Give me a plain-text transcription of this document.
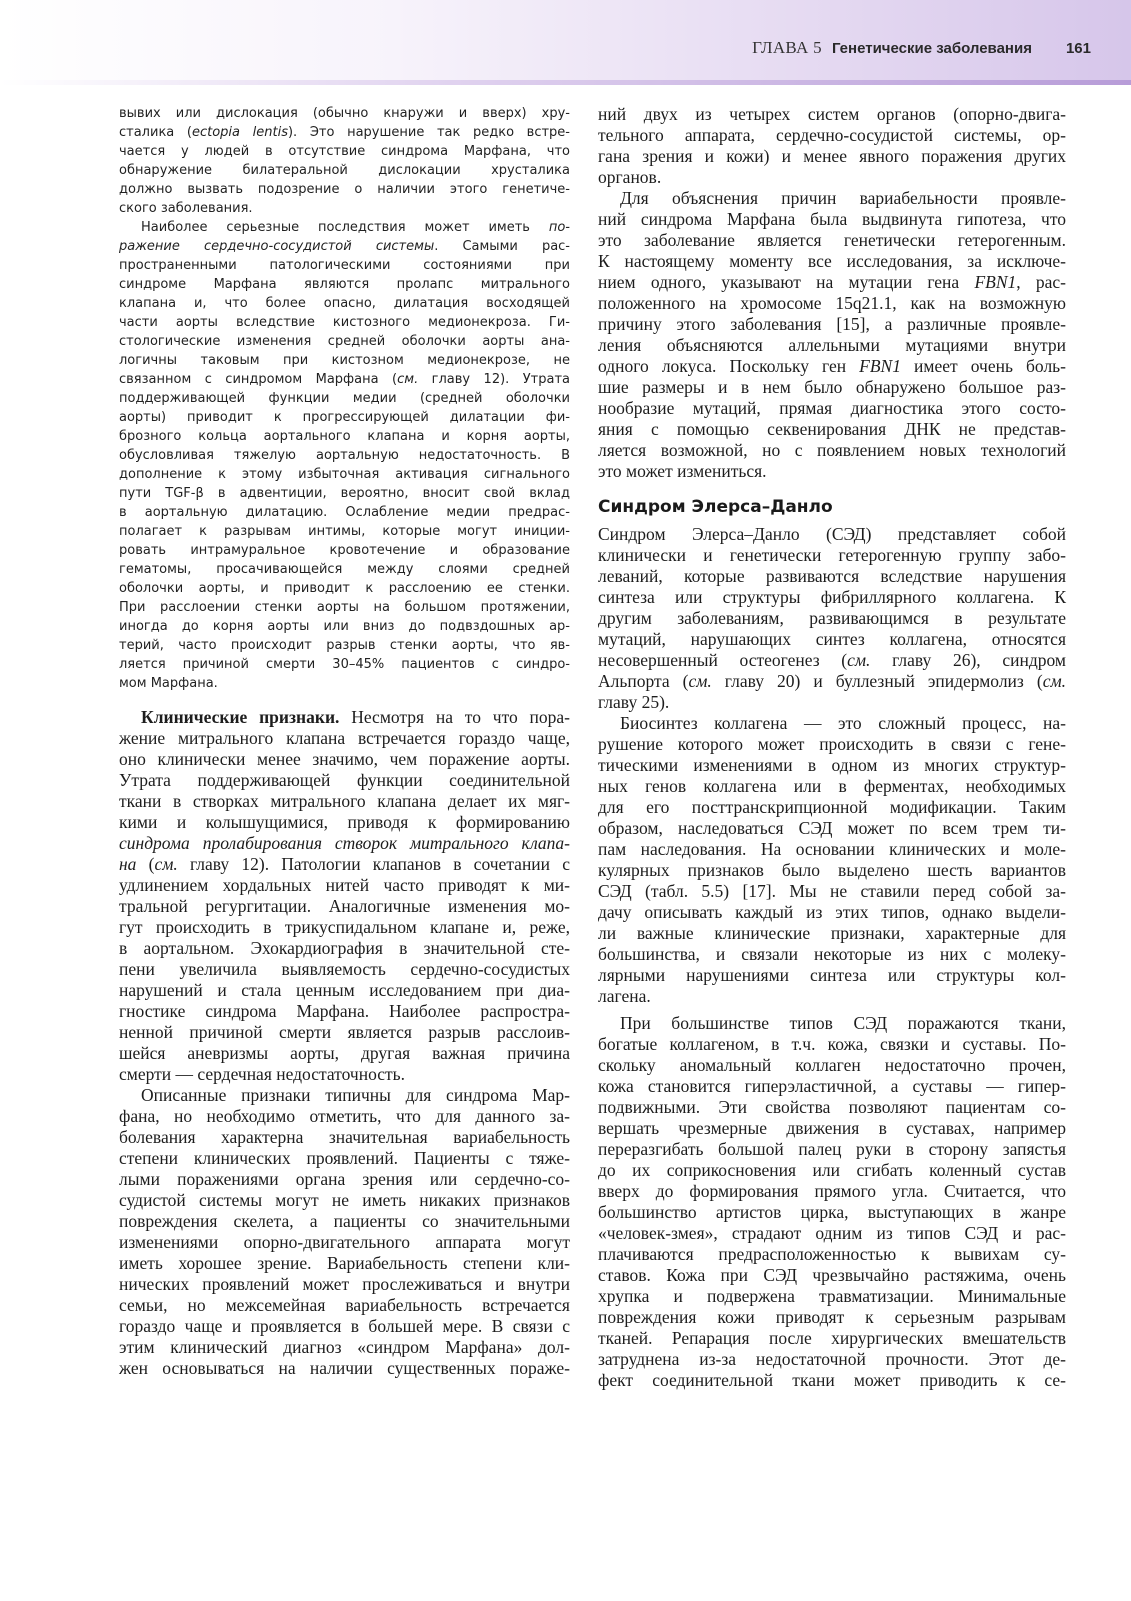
ГЛАВА 5 Генетические заболевания 161
вывих или дислокация (обычно кнаружи и вверх) хру-
сталика (ectopia lentis). Это нарушение так редко встре-
чается у людей в отсутствие синдрома Марфана, что
обнаружение билатеральной дислокации хрусталика
должно вызвать подозрение о наличии этого генетиче-
ского заболевания.
Наиболее серьезные последствия может иметь по-
ражение сердечно-сосудистой системы. Самыми рас-
пространенными патологическими состояниями при
синдроме Марфана являются пролапс митрального
клапана и, что более опасно, дилатация восходящей
части аорты вследствие кистозного медионекроза. Ги-
стологические изменения средней оболочки аорты ана-
логичны таковым при кистозном медионекрозе, не
связанном с синдромом Марфана (см. главу 12). Утрата
поддерживающей функции медии (средней оболочки
аорты) приводит к прогрессирующей дилатации фи-
брозного кольца аортального клапана и корня аорты,
обусловливая тяжелую аортальную недостаточность. В
дополнение к этому избыточная активация сигнального
пути TGF-β в адвентиции, вероятно, вносит свой вклад
в аортальную дилатацию. Ослабление медии предрас-
полагает к разрывам интимы, которые могут иниции-
ровать интрамуральное кровотечение и образование
гематомы, просачивающейся между слоями средней
оболочки аорты, и приводит к расслоению ее стенки.
При расслоении стенки аорты на большом протяжении,
иногда до корня аорты или вниз до подвздошных ар-
терий, часто происходит разрыв стенки аорты, что яв-
ляется причиной смерти 30–45% пациентов с синдро-
мом Марфана.
Клинические признаки. Несмотря на то что пора-
жение митрального клапана встречается гораздо чаще,
оно клинически менее значимо, чем поражение аорты.
Утрата поддерживающей функции соединительной
ткани в створках митрального клапана делает их мяг-
кими и колышущимися, приводя к формированию
синдрома пролабирования створок митрального клапа-
на (см. главу 12). Патологии клапанов в сочетании с
удлинением хордальных нитей часто приводят к ми-
тральной регургитации. Аналогичные изменения мо-
гут происходить в трикуспидальном клапане и, реже,
в аортальном. Эхокардиография в значительной сте-
пени увеличила выявляемость сердечно-сосудистых
нарушений и стала ценным исследованием при диа-
гностике синдрома Марфана. Наиболее распростра-
ненной причиной смерти является разрыв расслоив-
шейся аневризмы аорты, другая важная причина
смерти — сердечная недостаточность.
Описанные признаки типичны для синдрома Мар-
фана, но необходимо отметить, что для данного за-
болевания характерна значительная вариабельность
степени клинических проявлений. Пациенты с тяже-
лыми поражениями органа зрения или сердечно-со-
судистой системы могут не иметь никаких признаков
повреждения скелета, а пациенты со значительными
изменениями опорно-двигательного аппарата могут
иметь хорошее зрение. Вариабельность степени кли-
нических проявлений может прослеживаться и внутри
семьи, но межсемейная вариабельность встречается
гораздо чаще и проявляется в большей мере. В связи с
этим клинический диагноз «синдром Марфана» дол-
жен основываться на наличии существенных пораже-
ний двух из четырех систем органов (опорно-двига-
тельного аппарата, сердечно-сосудистой системы, ор-
гана зрения и кожи) и менее явного поражения других
органов.
Для объяснения причин вариабельности проявле-
ний синдрома Марфана была выдвинута гипотеза, что
это заболевание является генетически гетерогенным.
К настоящему моменту все исследования, за исключе-
нием одного, указывают на мутации гена FBN1, рас-
положенного на хромосоме 15q21.1, как на возможную
причину этого заболевания [15], а различные проявле-
ления объясняются аллельными мутациями внутри
одного локуса. Поскольку ген FBN1 имеет очень боль-
шие размеры и в нем было обнаружено большое раз-
нообразие мутаций, прямая диагностика этого состо-
яния с помощью секвенирования ДНК не представ-
ляется возможной, но с появлением новых технологий
это может измениться.
Синдром Элерса–Данло
Синдром Элерса–Данло (СЭД) представляет собой
клинически и генетически гетерогенную группу забо-
леваний, которые развиваются вследствие нарушения
синтеза или структуры фибриллярного коллагена. К
другим заболеваниям, развивающимся в результате
мутаций, нарушающих синтез коллагена, относятся
несовершенный остеогенез (см. главу 26), синдром
Альпорта (см. главу 20) и буллезный эпидермолиз (см.
главу 25).
Биосинтез коллагена — это сложный процесс, на-
рушение которого может происходить в связи с гене-
тическими изменениями в одном из многих структур-
ных генов коллагена или в ферментах, необходимых
для его посттранскрипционной модификации. Таким
образом, наследоваться СЭД может по всем трем ти-
пам наследования. На основании клинических и моле-
кулярных признаков было выделено шесть вариантов
СЭД (табл. 5.5) [17]. Мы не ставили перед собой за-
дачу описывать каждый из этих типов, однако выдели-
ли важные клинические признаки, характерные для
большинства, и связали некоторые из них с молеку-
лярными нарушениями синтеза или структуры кол-
лагена.
При большинстве типов СЭД поражаются ткани,
богатые коллагеном, в т.ч. кожа, связки и суставы. По-
скольку аномальный коллаген недостаточно прочен,
кожа становится гиперэластичной, а суставы — гипер-
подвижными. Эти свойства позволяют пациентам со-
вершать чрезмерные движения в суставах, например
переразгибать большой палец руки в сторону запястья
до их соприкосновения или сгибать коленный сустав
вверх до формирования прямого угла. Считается, что
большинство артистов цирка, выступающих в жанре
«человек-змея», страдают одним из типов СЭД и рас-
плачиваются предрасположенностью к вывихам су-
ставов. Кожа при СЭД чрезвычайно растяжима, очень
хрупка и подвержена травматизации. Минимальные
повреждения кожи приводят к серьезным разрывам
тканей. Репарация после хирургических вмешательств
затруднена из-за недостаточной прочности. Этот де-
фект соединительной ткани может приводить к се-
